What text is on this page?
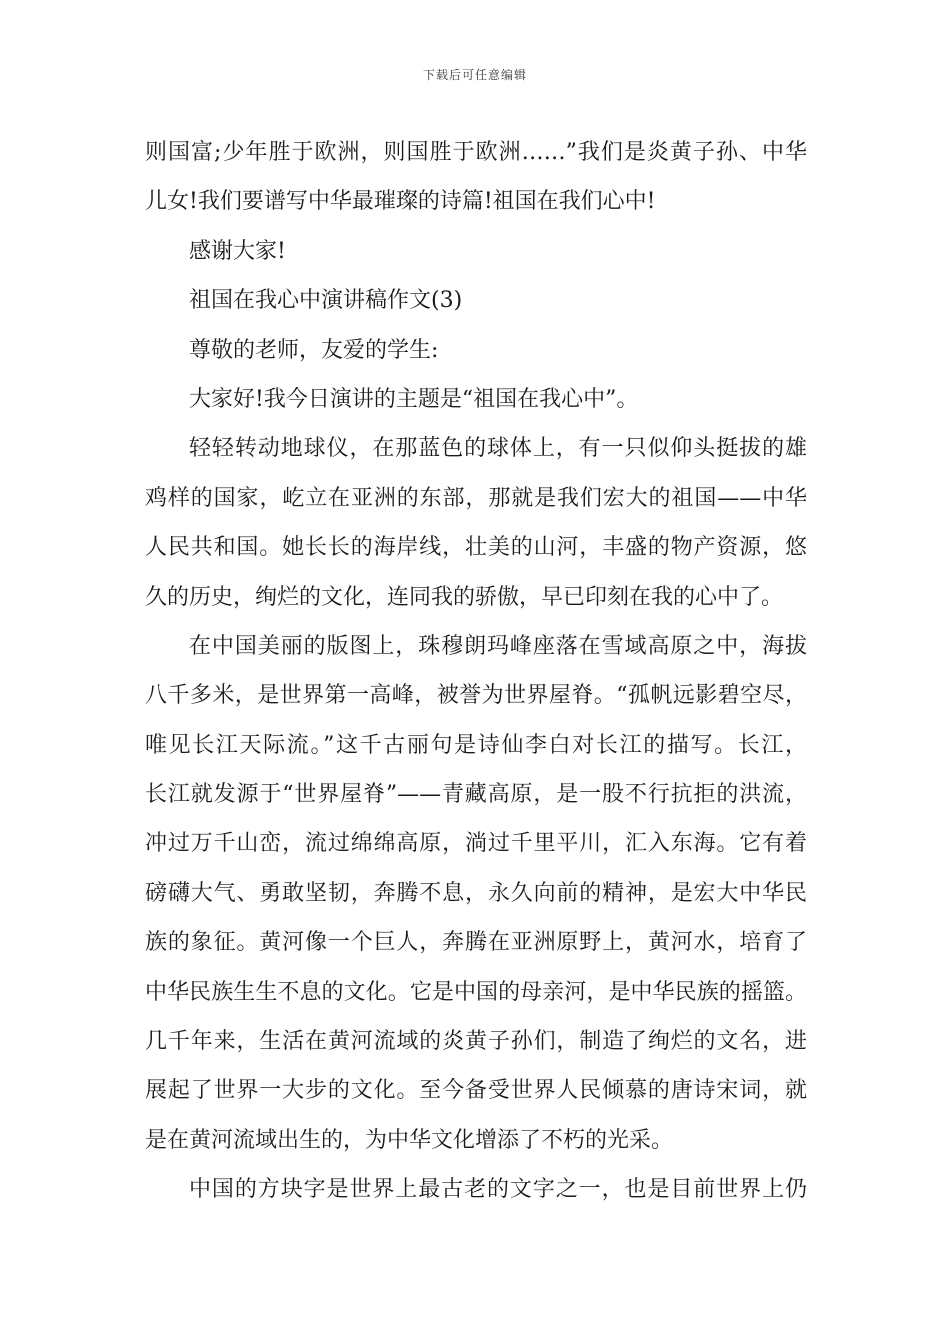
下载后可任意编辑
则国富;少年胜于欧洲，则国胜于欧洲……”我们是炎黄子孙、中华
儿女!我们要谱写中华最璀璨的诗篇!祖国在我们心中!
感谢大家!
祖国在我心中演讲稿作文(3)
尊敬的老师，友爱的学生:
大家好!我今日演讲的主题是“祖国在我心中”。
轻轻转动地球仪，在那蓝色的球体上，有一只似仰头挺拔的雄
鸡样的国家，屹立在亚洲的东部，那就是我们宏大的祖国——中华
人民共和国。她长长的海岸线，壮美的山河，丰盛的物产资源，悠
久的历史，绚烂的文化，连同我的骄傲，早已印刻在我的心中了。
在中国美丽的版图上，珠穆朗玛峰座落在雪域高原之中，海拔
八千多米，是世界第一高峰，被誉为世界屋脊。“孤帆远影碧空尽，
唯见长江天际流。”这千古丽句是诗仙李白对长江的描写。长江，
长江就发源于“世界屋脊”——青藏高原，是一股不行抗拒的洪流，
冲过万千山峦，流过绵绵高原，淌过千里平川，汇入东海。它有着
磅礴大气、勇敢坚韧，奔腾不息，永久向前的精神，是宏大中华民
族的象征。黄河像一个巨人，奔腾在亚洲原野上，黄河水，培育了
中华民族生生不息的文化。它是中国的母亲河，是中华民族的摇篮。
几千年来，生活在黄河流域的炎黄子孙们，制造了绚烂的文名，进
展起了世界一大步的文化。至今备受世界人民倾慕的唐诗宋词，就
是在黄河流域出生的，为中华文化增添了不朽的光采。
中国的方块字是世界上最古老的文字之一，也是目前世界上仍
